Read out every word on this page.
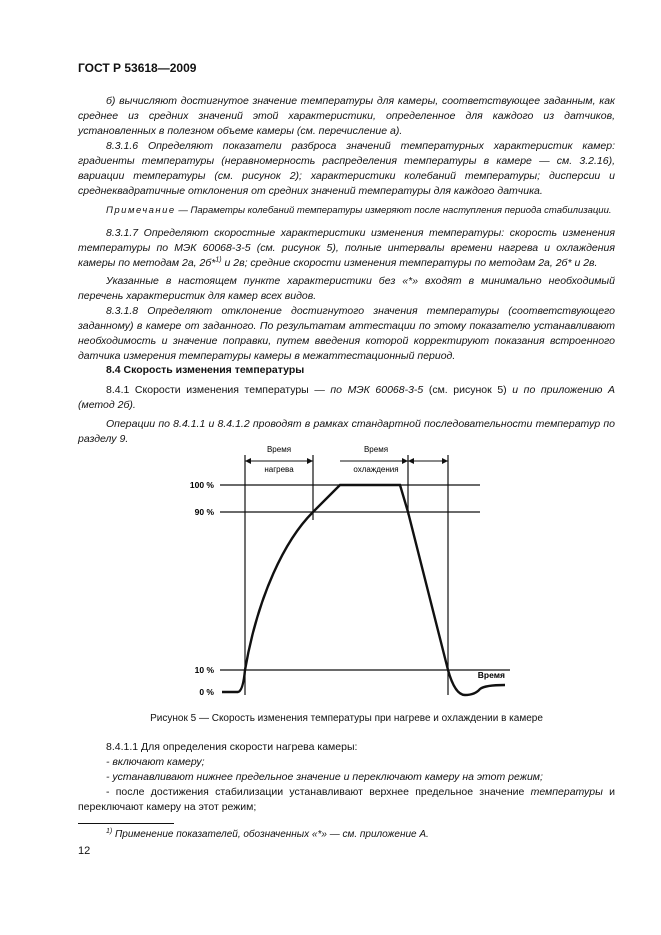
ГОСТ Р 53618—2009

б) вычисляют достигнутое значение температуры для камеры, соответствующее заданным, как среднее из средних значений этой характеристики, определенное для каждого из датчиков, установленных в полезном объеме камеры (см. перечисление а).

8.3.1.6 Определяют показатели разброса значений температурных характеристик камер: градиенты температуры (неравномерность распределения температуры в камере — см. 3.2.16), вариации температуры (см. рисунок 2); характеристики колебаний температуры; дисперсии и среднеквадратичные отклонения от средних значений температуры для каждого датчика.

Примечание — Параметры колебаний температуры измеряют после наступления периода стабилизации.

8.3.1.7 Определяют скоростные характеристики изменения температуры: скорость изменения температуры по МЭК 60068-3-5 (см. рисунок 5), полные интервалы времени нагрева и охлаждения камеры по методам 2а, 2б*$^{1)}$ и 2в; средние скорости изменения температуры по методам 2а, 2б* и 2в.

Указанные в настоящем пункте характеристики без «*» входят в минимально необходимый перечень характеристик для камер всех видов.

8.3.1.8 Определяют отклонение достигнутого значения температуры (соответствующего заданному) в камере от заданного. По результатам аттестации по этому показателю устанавливают необходимость и значение поправки, путем введения которой корректируют показания встроенного датчика измерения температуры камеры в межаттестационный период.

8.4 Скорость изменения температуры

8.4.1 Скорости изменения температуры — по МЭК 60068-3-5 (см. рисунок 5) и по приложению А (метод 2б).

Операции по 8.4.1.1 и 8.4.1.2 проводят в рамках стандартной последовательности температур по разделу 9.

Время
нагрева
Время
охлаждения
100 %
90 %
10 %
0 %
Время
Рисунок 5 — Скорость изменения температуры при нагреве и охлаждении в камере

8.4.1.1 Для определения скорости нагрева камеры:

- включают камеру;

- устанавливают нижнее предельное значение и переключают камеру на этот режим;

- после достижения стабилизации устанавливают верхнее предельное значение температуры и переключают камеру на этот режим;

$^{1)}$ Применение показателей, обозначенных «*» — см. приложение А.
12
